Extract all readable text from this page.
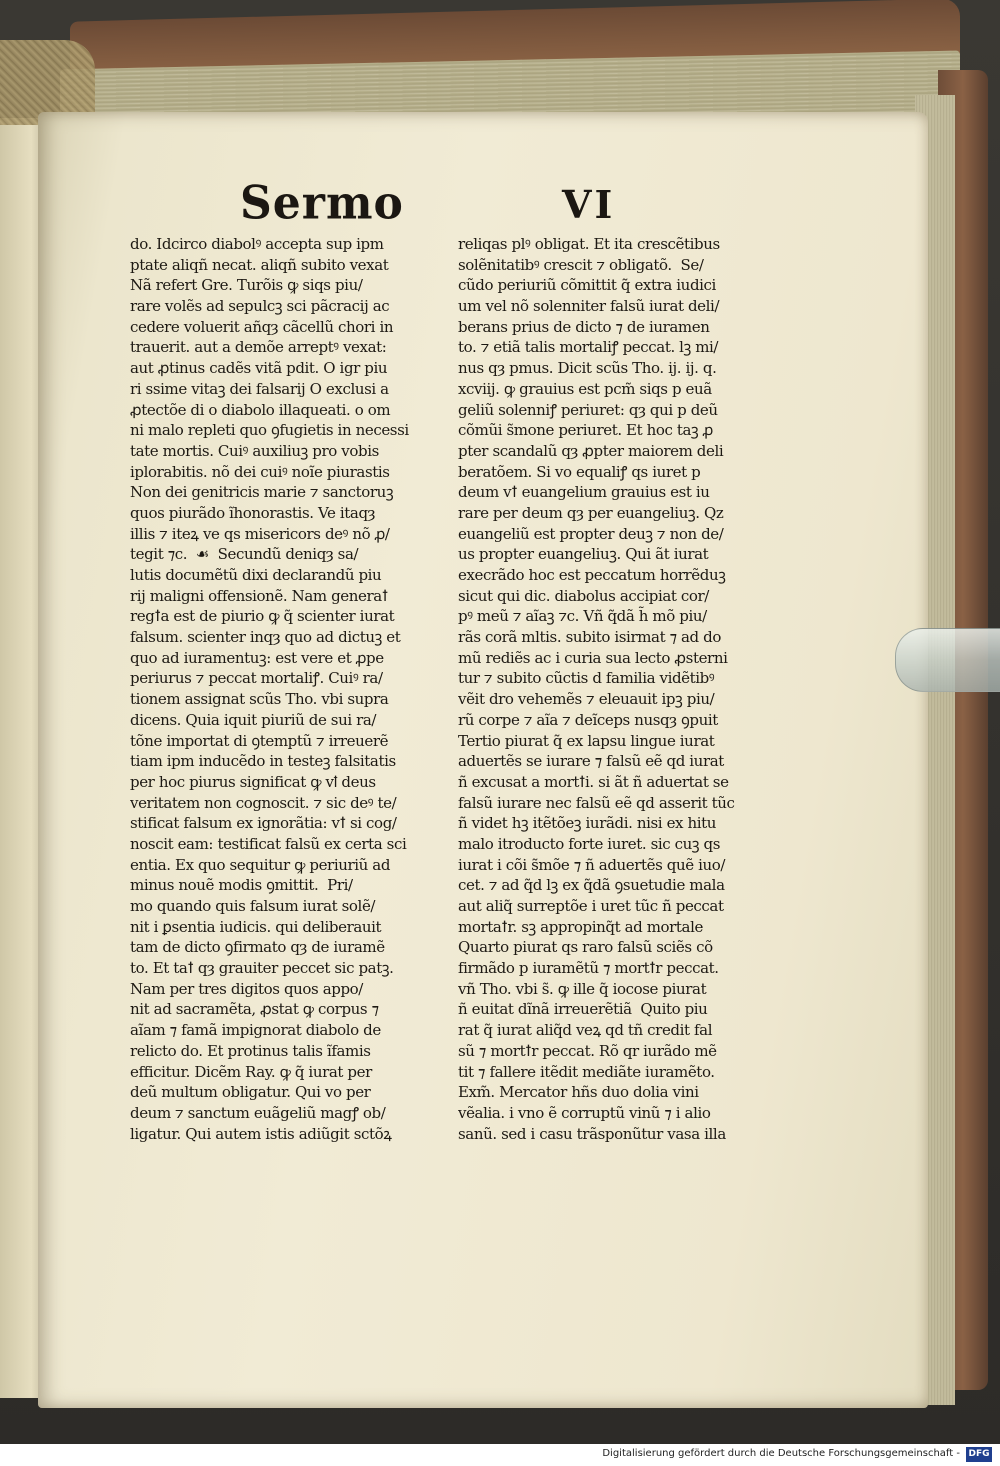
Sermo	VI
do. Idcirco diabolꝰ accepta sup ipm
ptate aliqñ necat. aliqñ subito vexat
Nã refert Gre. Turõis ꝙ siqs piu/
rare volẽs ad sepulcꝫ sci pãcracij ac
cedere voluerit añqȝ cãcellũ chori in
trauerit. aut a demõe arreptꝰ vexat:
aut ꝓtinus cadẽs vitã pdit. O igr piu
ri ssime vitaꝫ dei falsarij O exclusi a
ꝓtectõe di o diabolo illaqueati. o om
ni malo repleti quo ꝯfugietis in necessi
tate mortis. Cuiꝰ auxiliuꝫ pro vobis
iplorabitis. nõ dei cuiꝰ noĩe piurastis
Non dei genitricis marie ⁊ sanctoruꝫ
quos piurãdo ĩhonorastis. Ve itaqȝ
illis ⁊ iteꝝ ve qs misericors deꝰ nõ ꝓ/
tegit ⁊c.  ☙  Secundũ deniqȝ sa/
lutis documẽtũ dixi declarandũ piu
rij maligni offensionẽ. Nam generaꝉ
regꝉa est de piurio ꝙ q̃ scienter iurat
falsum. scienter inqȝ quo ad dictuꝫ et
quo ad iuramentuꝫ: est vere et ꝓpe
periurus ⁊ peccat mortaliꝭ. Cuiꝰ ra/
tionem assignat scũs Tho. vbi supra
dicens. Quia iquit piuriũ de sui ra/
tõne importat di ꝯtemptũ ⁊ irreuerẽ
tiam ipm inducẽdo in testeꝫ falsitatis
per hoc piurus significat ꝙ vꝉ deus
veritatem non cognoscit. ⁊ sic deꝰ te/
stificat falsum ex ignorãtia: vꝉ si cog/
noscit eam: testificat falsũ ex certa sci
entia. Ex quo sequitur ꝙ periuriũ ad
minus nouẽ modis ꝯmittit.  Pri/
mo quando quis falsum iurat solẽ/
nit i ꝑsentia iudicis. qui deliberauit
tam de dicto ꝯfirmato qȝ de iuramẽ
to. Et taꝉ qȝ grauiter peccet sic patꝫ.
Nam per tres digitos quos appo/
nit ad sacramẽta, ꝓstat ꝙ corpus ⁊
aĩam ⁊ famã impignorat diabolo de
relicto do. Et protinus talis ĩfamis
efficitur. Dicẽm Ray. ꝙ q̃ iurat per
deũ multum obligatur. Qui vo per
deum ⁊ sanctum euãgeliũ magꝭ ob/
ligatur. Qui autem istis adiũgit sctõꝝ
reliqas plꝰ obligat. Et ita crescẽtibus
solẽnitatibꝰ crescit ⁊ obligatõ.  Se/
cũdo periuriũ cõmittit q̃ extra iudici
um vel nõ solenniter falsũ iurat deli/
berans prius de dicto ⁊ de iuramen
to. ⁊ etiã talis mortaliꝭ peccat. lꝫ mi/
nus qȝ pmus. Dicit scũs Tho. ij. ij. q.
xcviij. ꝙ grauius est pcm̃ siqs p euã
geliũ solenniꝭ periuret: qȝ qui p deũ
cõmũi s̃mone periuret. Et hoc taꝫ ꝓ
pter scandalũ qȝ ꝓpter maiorem deli
beratõem. Si vo equaliꝭ qs iuret p
deum vꝉ euangelium grauius est iu
rare per deum qȝ per euangeliuꝫ. Qz
euangeliũ est propter deuꝫ ⁊ non de/
us propter euangeliuꝫ. Qui ãt iurat
execrãdo hoc est peccatum horrẽduꝫ
sicut qui dic. diabolus accipiat cor/
pꝰ meũ ⁊ aĩaꝫ ⁊c. Vñ q̃dã h̃ mõ piu/
rãs corã mltis. subito isirmat ⁊ ad do
mũ rediẽs ac i curia sua lecto ꝓsterni
tur ⁊ subito cũctis d familia vidẽtibꝰ
vẽit dro vehemẽs ⁊ eleuauit ipꝫ piu/
rũ corpe ⁊ aĩa ⁊ deĩceps nusqȝ ꝯpuit
Tertio piurat q̃ ex lapsu lingue iurat
aduertẽs se iurare ⁊ falsũ eẽ qd iurat
ñ excusat a mortꝉi. si ãt ñ aduertat se
falsũ iurare nec falsũ eẽ qd asserit tũc
ñ videt hꝫ itẽtõeꝫ iurãdi. nisi ex hitu
malo itroducto forte iuret. sic cuꝫ qs
iurat i cõi s̃mõe ⁊ ñ aduertẽs quẽ iuo/
cet. ⁊ ad q̃d lꝫ ex q̃dã ꝯsuetudie mala
aut aliq̃ surreptõe i uret tũc ñ peccat
mortaꝉr. sꝫ appropinq̃t ad mortale
Quarto piurat qs raro falsũ sciẽs cõ
firmãdo p iuramẽtũ ⁊ mortꝉr peccat.
vñ Tho. vbi s̃. ꝙ ille q̃ iocose piurat
ñ euitat dĩnã irreuerẽtiã  Quito piu
rat q̃ iurat aliq̃d veꝝ qd tñ credit fal
sũ ⁊ mortꝉr peccat. Rõ qr iurãdo mẽ
tit ⁊ fallere itẽdit mediãte iuramẽto.
Exm̃. Mercator hñs duo dolia vini
vẽalia. i vno ẽ corruptũ vinũ ⁊ i alio
sanũ. sed i casu trãsponũtur vasa illa
Digitalisierung gefördert durch die Deutsche Forschungsgemeinschaft - DFG
